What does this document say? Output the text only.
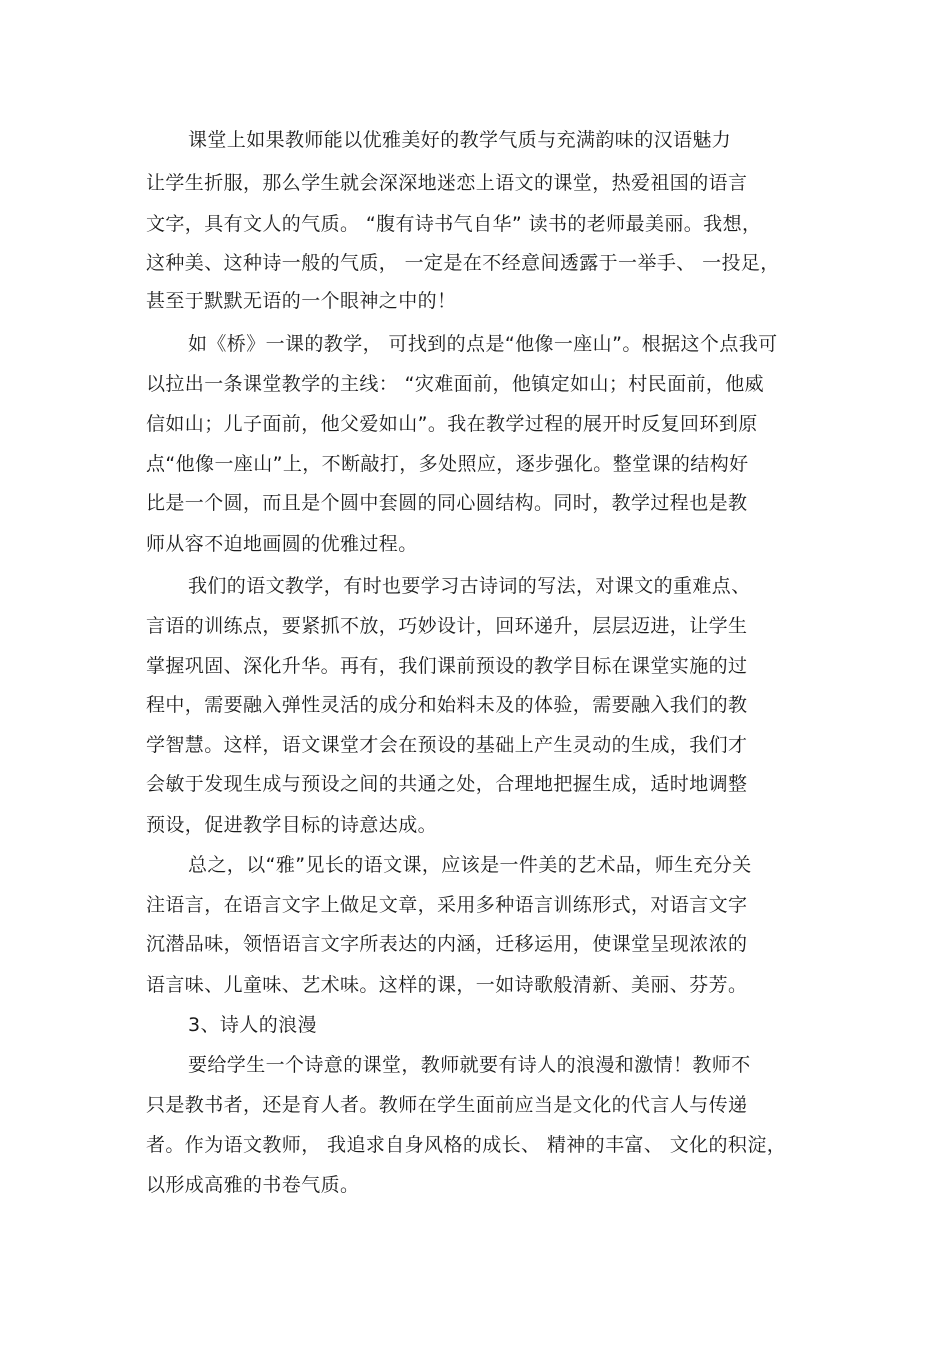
课堂上如果教师能以优雅美好的教学气质与充满韵味的汉语魅力
让学生折服，那么学生就会深深地迷恋上语文的课堂，热爱祖国的语言
文字，具有文人的气质。 “腹有诗书气自华” 读书的老师最美丽。我想，
这种美、这种诗一般的气质， 一定是在不经意间透露于一举手、 一投足，
甚至于默默无语的一个眼神之中的！
如《桥》一课的教学， 可找到的点是“他像一座山”。根据这个点我可
以拉出一条课堂教学的主线： “灾难面前，他镇定如山；村民面前，他威
信如山；儿子面前，他父爱如山”。我在教学过程的展开时反复回环到原
点“他像一座山”上，不断敲打，多处照应，逐步强化。整堂课的结构好
比是一个圆，而且是个圆中套圆的同心圆结构。同时，教学过程也是教
师从容不迫地画圆的优雅过程。
我们的语文教学，有时也要学习古诗词的写法，对课文的重难点、
言语的训练点，要紧抓不放，巧妙设计，回环递升，层层迈进，让学生
掌握巩固、深化升华。再有，我们课前预设的教学目标在课堂实施的过
程中，需要融入弹性灵活的成分和始料未及的体验，需要融入我们的教
学智慧。这样，语文课堂才会在预设的基础上产生灵动的生成，我们才
会敏于发现生成与预设之间的共通之处，合理地把握生成，适时地调整
预设，促进教学目标的诗意达成。
总之，以“雅”见长的语文课，应该是一件美的艺术品，师生充分关
注语言，在语言文字上做足文章，采用多种语言训练形式，对语言文字
沉潜品味，领悟语言文字所表达的内涵，迁移运用，使课堂呈现浓浓的
语言味、儿童味、艺术味。这样的课，一如诗歌般清新、美丽、芬芳。
3、诗人的浪漫
要给学生一个诗意的课堂，教师就要有诗人的浪漫和激情！教师不
只是教书者，还是育人者。教师在学生面前应当是文化的代言人与传递
者。作为语文教师， 我追求自身风格的成长、 精神的丰富、 文化的积淀，
以形成高雅的书卷气质。
